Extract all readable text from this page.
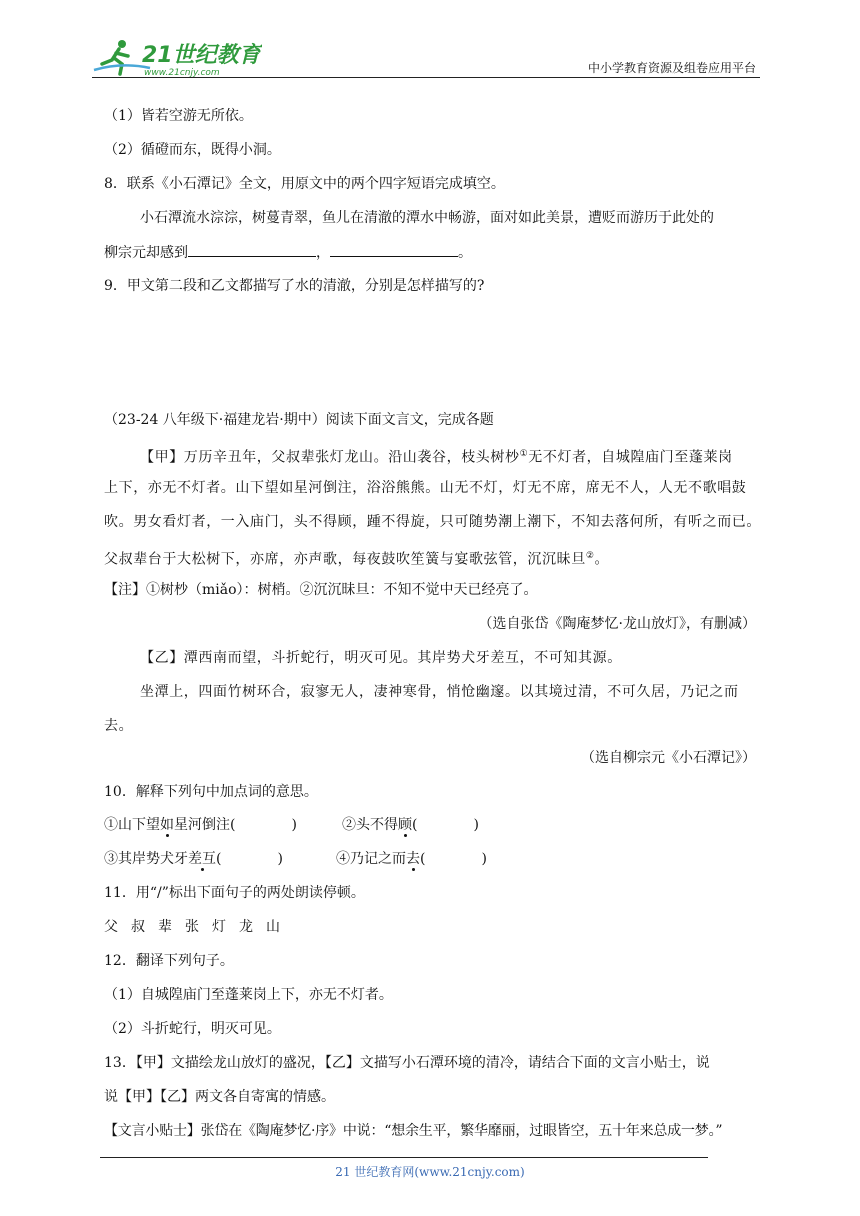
21世纪教育
www.21cnjy.com	中小学教育资源及组卷应用平台
（1）皆若空游无所依。
（2）循磴而东，既得小洞。
8．联系《小石潭记》全文，用原文中的两个四字短语完成填空。
小石潭流水淙淙，树蔓青翠，鱼儿在清澈的潭水中畅游，面对如此美景，遭贬而游历于此处的
柳宗元却感到	，	。
9．甲文第二段和乙文都描写了水的清澈，分别是怎样描写的?
（23-24 八年级下·福建龙岩·期中）阅读下面文言文，完成各题
【甲】万历辛丑年，父叔辈张灯龙山。沿山袭谷，枝头树杪①无不灯者，自城隍庙门至蓬莱岗
上下，亦无不灯者。山下望如星河倒注，浴浴熊熊。山无不灯，灯无不席，席无不人，人无不歌唱鼓
吹。男女看灯者，一入庙门，头不得顾，踵不得旋，只可随势潮上潮下，不知去落何所，有听之而已。
父叔辈台于大松树下，亦席，亦声歌，每夜鼓吹笙簧与宴歌弦管，沉沉昧旦②。
【注】①树杪（miǎo）：树梢。②沉沉昧旦：不知不觉中天已经亮了。
（选自张岱《陶庵梦忆·龙山放灯》，有删减）
【乙】潭西南而望，斗折蛇行，明灭可见。其岸势犬牙差互，不可知其源。
坐潭上，四面竹树环合，寂寥无人，凄神寒骨，悄怆幽邃。以其境过清，不可久居，乃记之而
去。
（选自柳宗元《小石潭记》）
10．解释下列句中加点词的意思。
①山下望如星河倒注(	)	②头不得顾(	)
③其岸势犬牙差互(	)	④乃记之而去(	)
11．用“/”标出下面句子的两处朗读停顿。
父叔辈张灯龙山
12．翻译下列句子。
（1）自城隍庙门至蓬莱岗上下，亦无不灯者。
（2）斗折蛇行，明灭可见。
13．【甲】文描绘龙山放灯的盛况，【乙】文描写小石潭环境的清冷，请结合下面的文言小贴士，说
说【甲】【乙】两文各自寄寓的情感。
【文言小贴士】张岱在《陶庵梦忆·序》中说：“想余生平，繁华靡丽，过眼皆空，五十年来总成一梦。”
21 世纪教育网(www.21cnjy.com)
